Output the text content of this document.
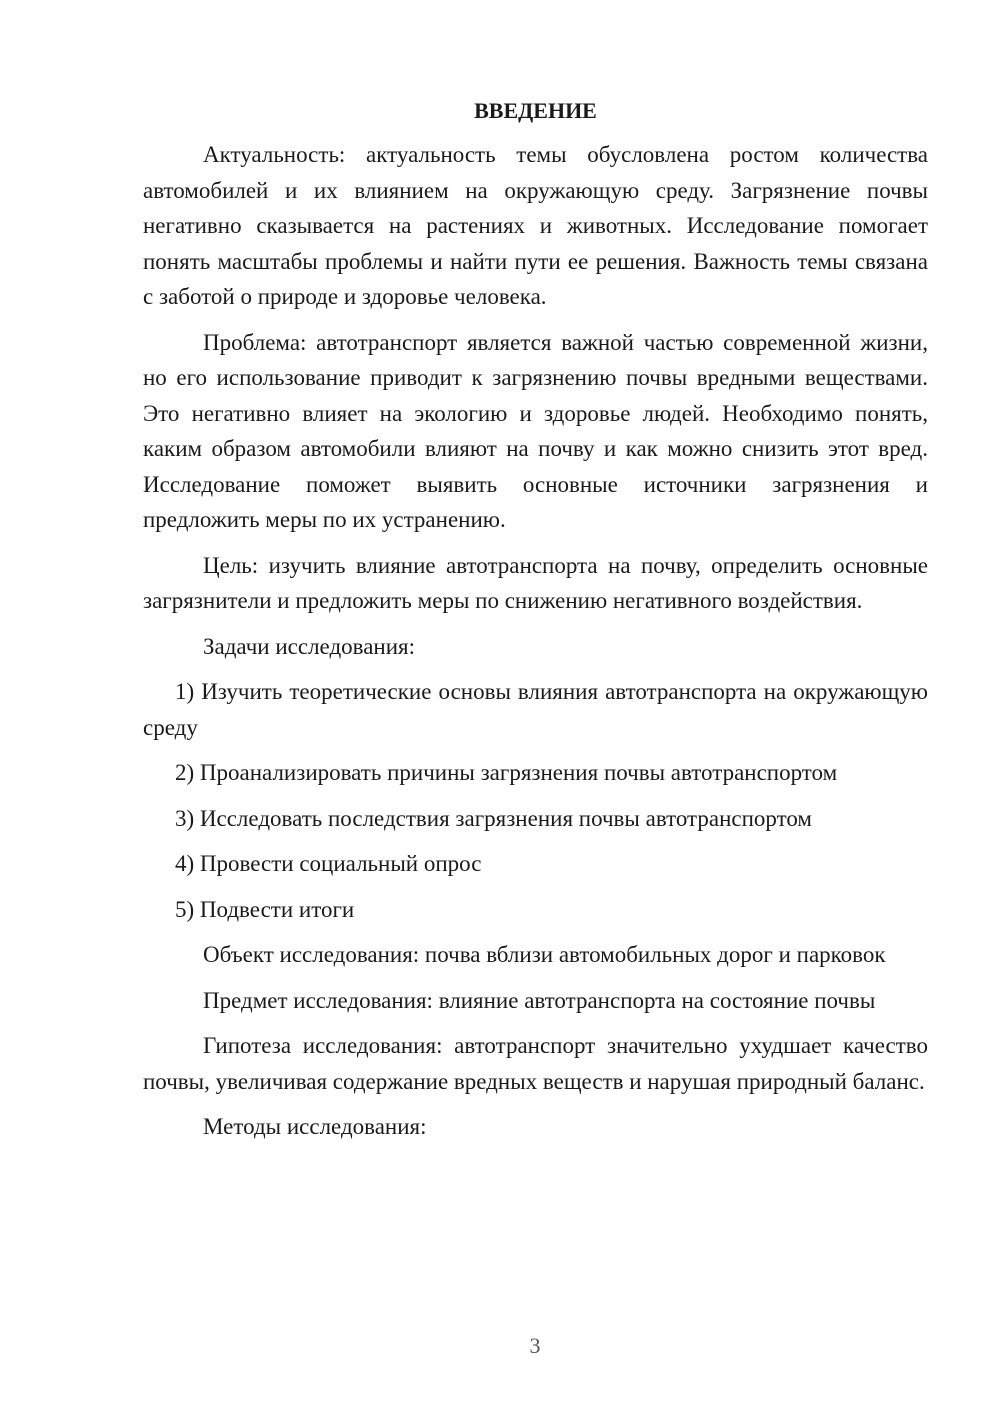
ВВЕДЕНИЕ

Актуальность: актуальность темы обусловлена ростом количества автомобилей и их влиянием на окружающую среду. Загрязнение почвы негативно сказывается на растениях и животных. Исследование помогает понять масштабы проблемы и найти пути ее решения. Важность темы связана с заботой о природе и здоровье человека.

Проблема: автотранспорт является важной частью современной жизни, но его использование приводит к загрязнению почвы вредными веществами. Это негативно влияет на экологию и здоровье людей. Необходимо понять, каким образом автомобили влияют на почву и как можно снизить этот вред. Исследование поможет выявить основные источники загрязнения и предложить меры по их устранению.

Цель: изучить влияние автотранспорта на почву, определить основные загрязнители и предложить меры по снижению негативного воздействия.

Задачи исследования:

1) Изучить теоретические основы влияния автотранспорта на окружающую среду

2) Проанализировать причины загрязнения почвы автотранспортом

3) Исследовать последствия загрязнения почвы автотранспортом

4) Провести социальный опрос

5) Подвести итоги

Объект исследования: почва вблизи автомобильных дорог и парковок

Предмет исследования: влияние автотранспорта на состояние почвы

Гипотеза исследования: автотранспорт значительно ухудшает качество почвы, увеличивая содержание вредных веществ и нарушая природный баланс.

Методы исследования:

3
